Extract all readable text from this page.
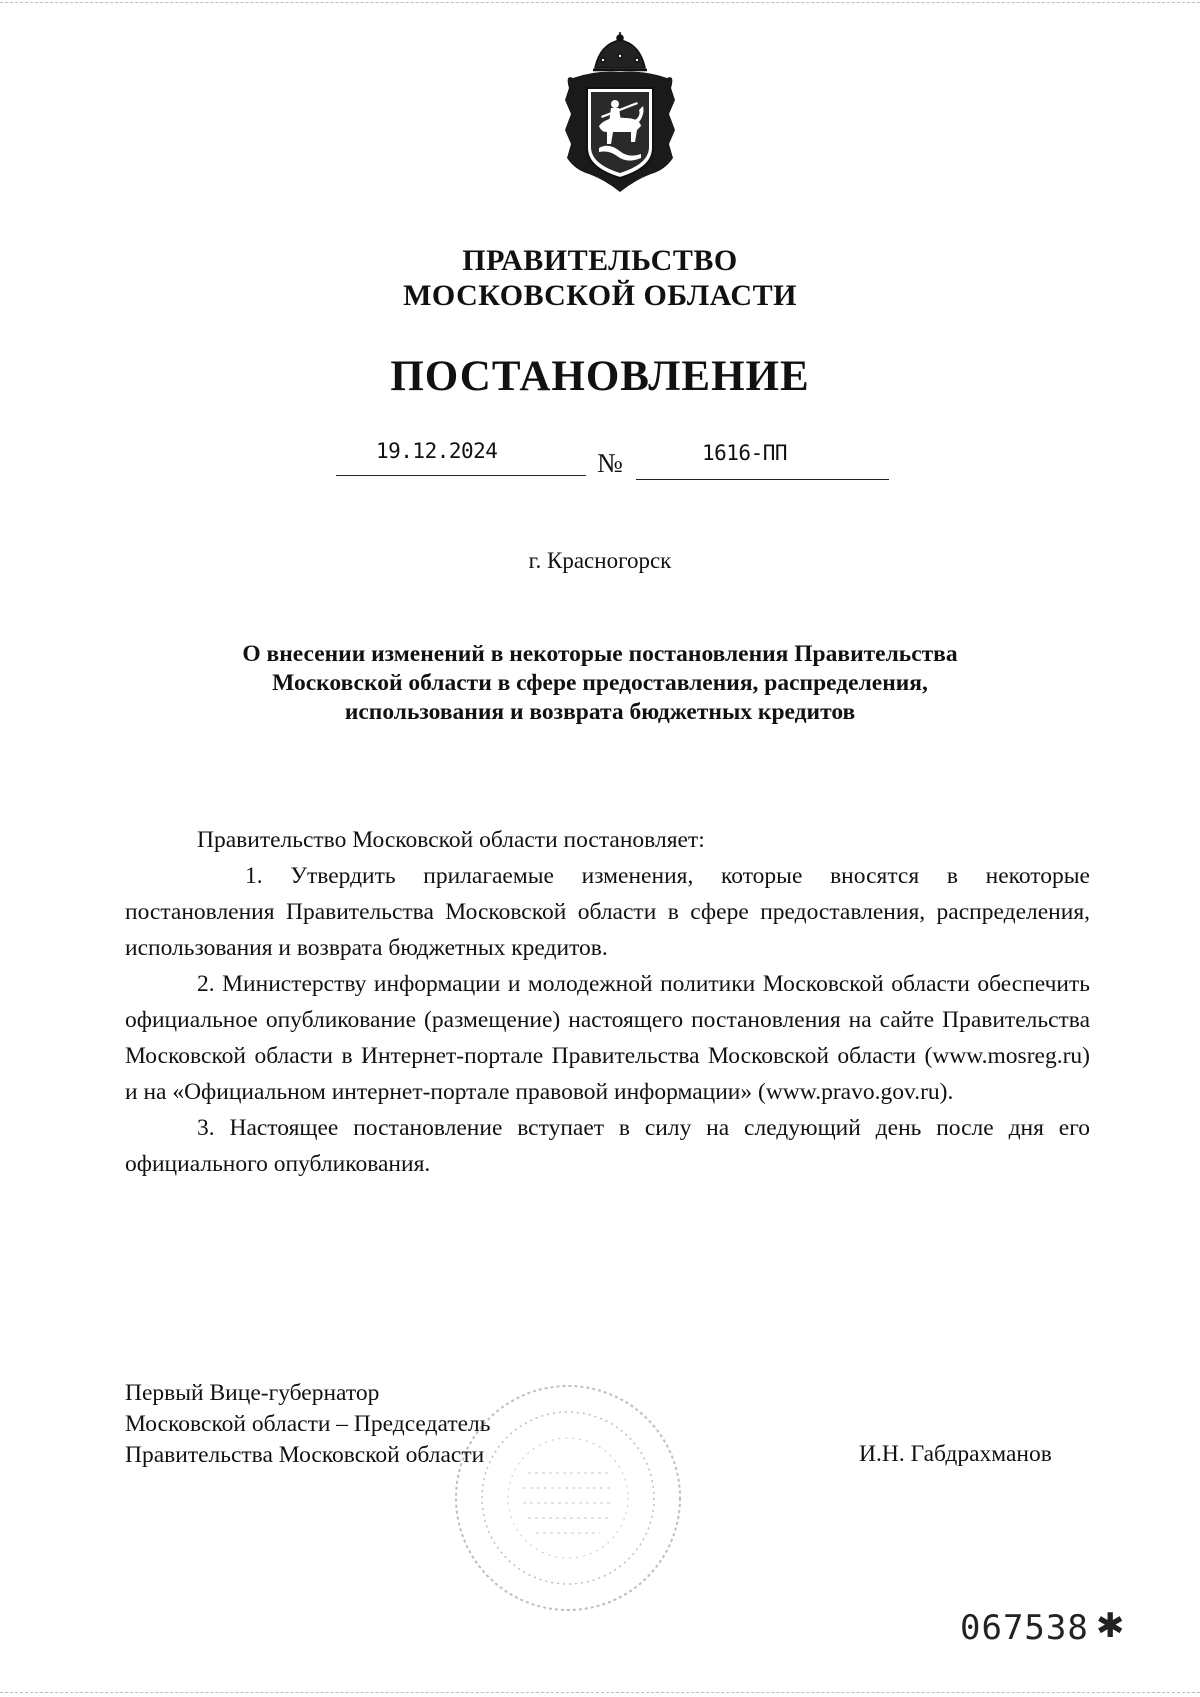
ПРАВИТЕЛЬСТВО
МОСКОВСКОЙ ОБЛАСТИ
ПОСТАНОВЛЕНИЕ
19.12.2024	№	1616-ПП
г. Красногорск
О внесении изменений в некоторые постановления Правительства
Московской области в сфере предоставления, распределения,
использования и возврата бюджетных кредитов

Правительство Московской области постановляет:

1. Утвердить прилагаемые изменения, которые вносятся в некоторые постановления Правительства Московской области в сфере предоставления, распределения, использования и возврата бюджетных кредитов.

2. Министерству информации и молодежной политики Московской области обеспечить официальное опубликование (размещение) настоящего постановления на сайте Правительства Московской области в Интернет-портале Правительства Московской области (www.mosreg.ru) и на «Официальном интернет-портале правовой информации» (www.pravo.gov.ru).

3. Настоящее постановление вступает в силу на следующий день после дня его официального опубликования.

Первый Вице-губернатор
Московской области – Председатель
Правительства Московской области	И.Н. Габдрахманов
067538 ✱
